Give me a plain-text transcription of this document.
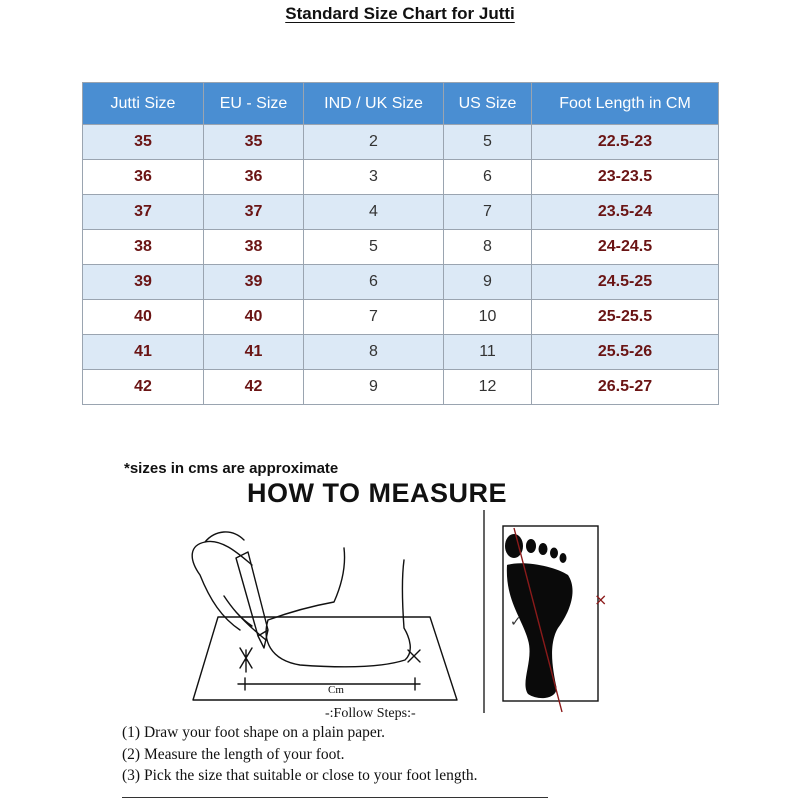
Standard Size Chart for Jutti
Jutti Size	EU - Size	IND / UK Size	US Size	Foot Length in CM
35	35	2	5	22.5-23
36	36	3	6	23-23.5
37	37	4	7	23.5-24
38	38	5	8	24-24.5
39	39	6	9	24.5-25
40	40	7	10	25-25.5
41	41	8	11	25.5-26
42	42	9	12	26.5-27
*sizes in cms are approximate
HOW TO MEASURE
Cm
✓
×
-:Follow Steps:-
(1) Draw your foot shape on a plain paper.
(2) Measure the length of your foot.
(3) Pick the size that suitable or close to your foot length.
